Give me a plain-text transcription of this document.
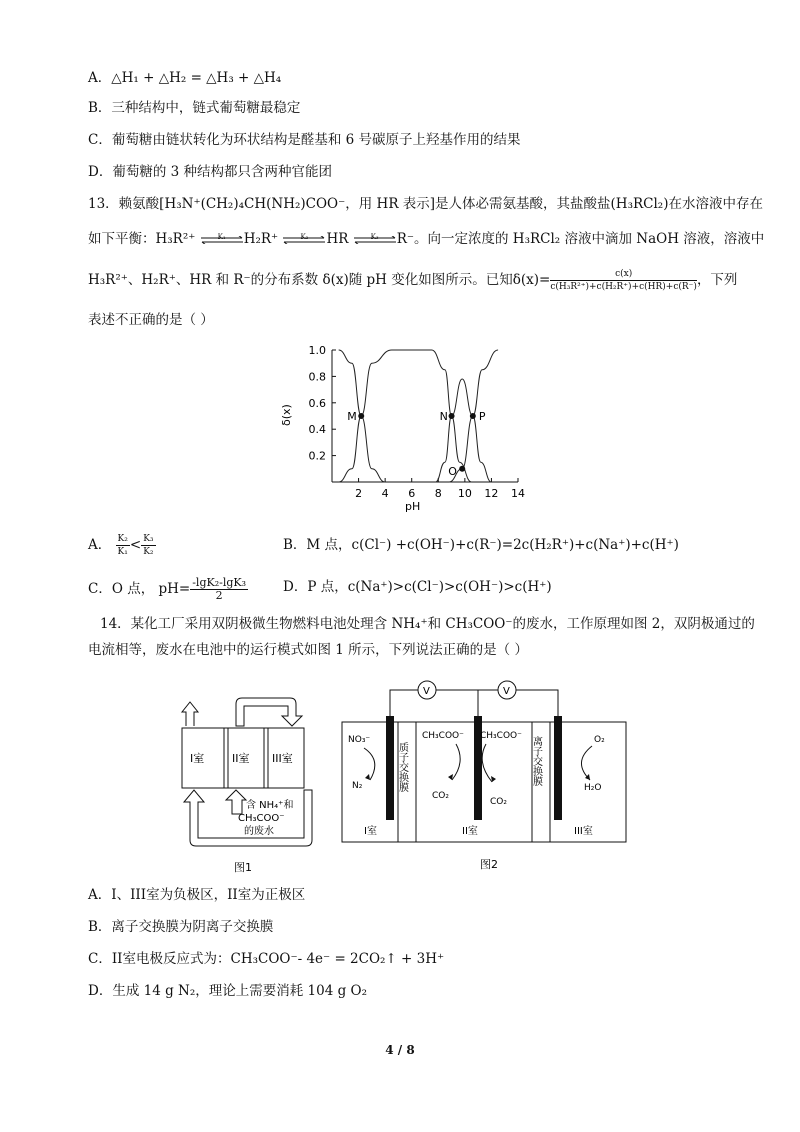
A．△H₁ + △H₂ = △H₃ + △H₄
B．三种结构中，链式葡萄糖最稳定
C．葡萄糖由链状转化为环状结构是醛基和 6 号碳原子上羟基作用的结果
D．葡萄糖的 3 种结构都只含两种官能团
13．赖氨酸[H₃N⁺(CH₂)₄CH(NH₂)COO⁻，用 HR 表示]是人体必需氨基酸，其盐酸盐(H₃RCl₂)在水溶液中存在
如下平衡：H₃R²⁺	K₁	H₂R⁺	K₂	HR	K₃	R⁻。向一定浓度的 H₃RCl₂ 溶液中滴加 NaOH 溶液，溶液中
H₃R²⁺、H₂R⁺、HR 和 R⁻的分布系数 δ(x)随 pH 变化如图所示。已知$\delta(x)= \frac{c(x)}{\text{c(H₃R²⁺)+c(H₂R⁺)+c(HR)+c(R⁻)}}$ ，下列
表述不正确的是（ ）
0.2
0.4
0.6
0.8
1.0
2 4 6 8 10 12 14
pH
δ(x)	M	N	P
O
A． $\frac{\text{K₂}}{\text{K₁}} < \frac{\text{K₃}}{\text{K₂}}$	B．M 点，c(Cl⁻) +c(OH⁻)+c(R⁻)=2c(H₂R⁺)+c(Na⁺)+c(H⁺)
C．O 点， $pH= \frac{\text{-lgK₂-lgK₃}}{2}$	D．P 点，c(Na⁺)>c(Cl⁻)>c(OH⁻)>c(H⁺)
14．某化工厂采用双阴极微生物燃料电池处理含 NH₄⁺和 CH₃COO⁻的废水，工作原理如图 2，双阴极通过的
电流相等，废水在电池中的运行模式如图 1 所示，下列说法正确的是（ ）
I室	II室 III室
含 NH₄⁺和
CH₃COO⁻
的废水
图1
V	V
NO₃⁻
N₂
CH₃COO⁻ CH₃COO⁻
CO₂
CO₂
O₂
H₂O
质子交换膜	离子交换膜
I室	II室	III室
图2
A．I、III室为负极区，II室为正极区
B．离子交换膜为阴离子交换膜
C．II室电极反应式为：CH₃COO⁻- 4e⁻ = 2CO₂↑ + 3H⁺
D．生成 14 g N₂，理论上需要消耗 104 g O₂
4 / 8
